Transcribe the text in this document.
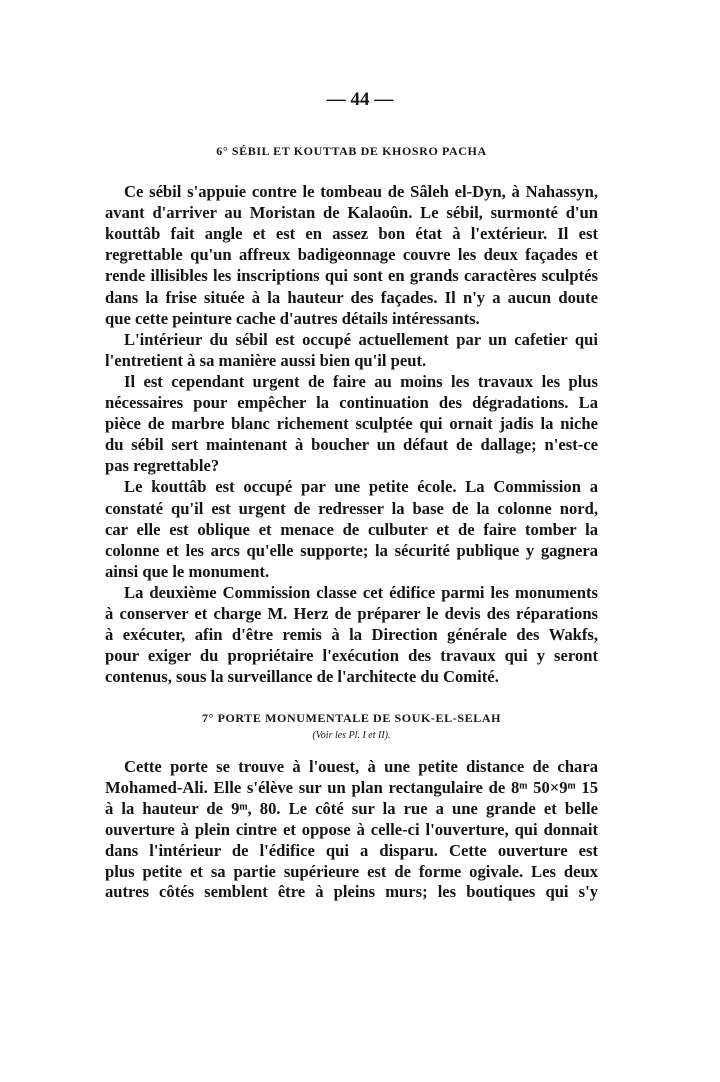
— 44 —
6° SÉBIL ET KOUTTAB DE KHOSRO PACHA
Ce sébil s'appuie contre le tombeau de Sâleh el-Dyn, à Nahassyn,
avant d'arriver au Moristan de Kalaoûn. Le sébil, surmonté d'un
kouttâb fait angle et est en assez bon état à l'extérieur. Il est
regrettable qu'un affreux badigeonnage couvre les deux façades et
rende illisibles les inscriptions qui sont en grands caractères sculptés
dans la frise située à la hauteur des façades. Il n'y a aucun doute
que cette peinture cache d'autres détails intéressants.
L'intérieur du sébil est occupé actuellement par un cafetier qui
l'entretient à sa manière aussi bien qu'il peut.
Il est cependant urgent de faire au moins les travaux les plus
nécessaires pour empêcher la continuation des dégradations. La
pièce de marbre blanc richement sculptée qui ornait jadis la niche
du sébil sert maintenant à boucher un défaut de dallage; n'est-ce
pas regrettable?
Le kouttâb est occupé par une petite école. La Commission a
constaté qu'il est urgent de redresser la base de la colonne nord,
car elle est oblique et menace de culbuter et de faire tomber la
colonne et les arcs qu'elle supporte; la sécurité publique y gagnera
ainsi que le monument.
La deuxième Commission classe cet édifice parmi les monuments
à conserver et charge M. Herz de préparer le devis des réparations
à exécuter, afin d'être remis à la Direction générale des Wakfs,
pour exiger du propriétaire l'exécution des travaux qui y seront
contenus, sous la surveillance de l'architecte du Comité.
7° PORTE MONUMENTALE DE SOUK-EL-SELAH
(Voir les Pl. I et II).
Cette porte se trouve à l'ouest, à une petite distance de chara
Mohamed-Ali. Elle s'élève sur un plan rectangulaire de 8ᵐ 50×9ᵐ 15
à la hauteur de 9ᵐ, 80. Le côté sur la rue a une grande et belle
ouverture à plein cintre et oppose à celle-ci l'ouverture, qui donnait
dans l'intérieur de l'édifice qui a disparu. Cette ouverture est
plus petite et sa partie supérieure est de forme ogivale. Les deux
autres côtés semblent être à pleins murs; les boutiques qui s'y
